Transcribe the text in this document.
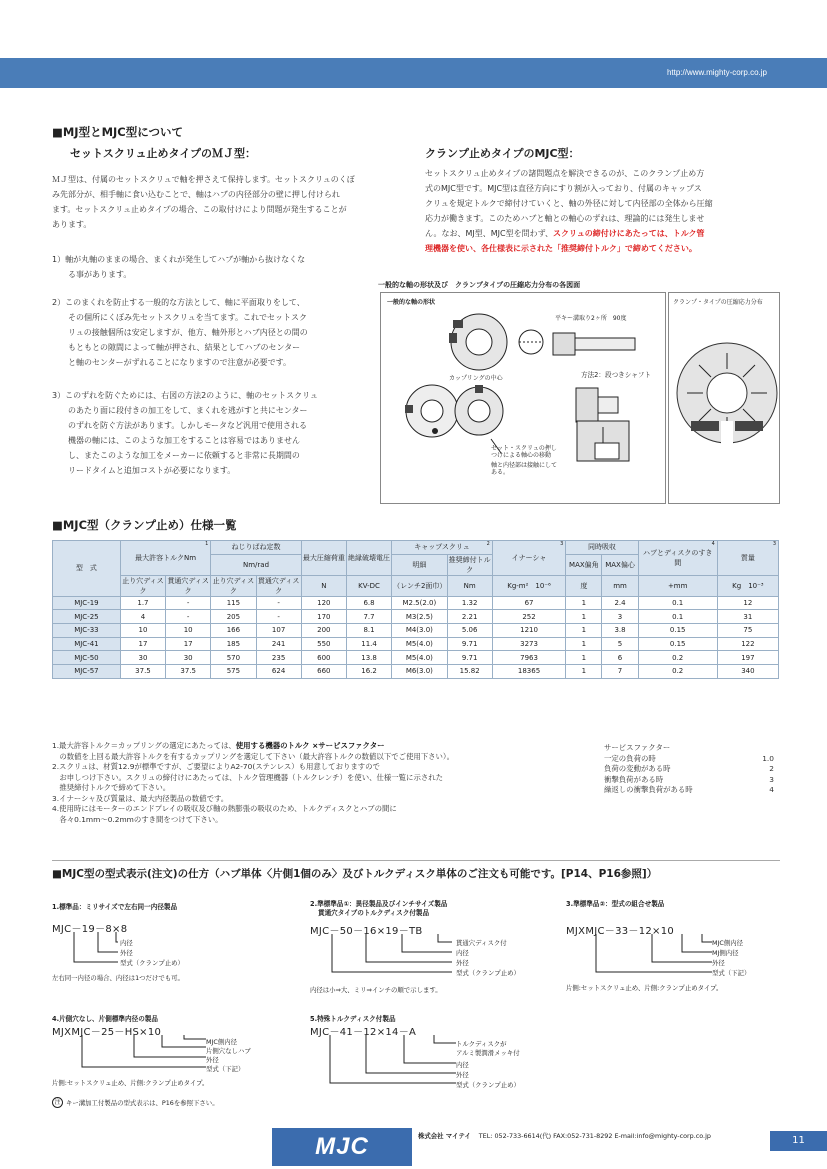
http://www.mighty-corp.co.jp
■MJ型とMJC型について
セットスクリュ止めタイプのＭＪ型：
ＭＪ型は、付属のセットスクリュで軸を押さえて保持します。セットスクリュのくぼ
み先部分が、相手軸に食い込むことで、軸はハブの内径部分の壁に押し付けられ
ます。セットスクリュ止めタイプの場合、この取付けにより問題が発生することが
あります。
1）軸が丸軸のままの場合、まくれが発生してハブが軸から抜けなくな
　　る事があります。
2）このまくれを防止する一般的な方法として、軸に平面取りをして、
　　その個所にくぼみ先セットスクリュを当てます。これでセットスク
　　リュの接触個所は安定しますが、他方、軸外形とハブ内径との間の
　　もともとの隙間によって軸が押され、結果としてハブのセンター
　　と軸のセンターがずれることになりますので注意が必要です。
3）このずれを防ぐためには、右図の方法2のように、軸のセットスクリュ
　　のあたり面に段付きの加工をして、まくれを逃がすと共にセンター
　　のずれを防ぐ方法があります。しかしモータなど汎用で使用される
　　機器の軸には、このような加工をすることは容易ではありません
　　し、またこのような加工をメーカーに依頼すると非常に長期間の
　　リードタイムと追加コストが必要になります。
クランプ止めタイプのMJC型：
セットスクリュ止めタイプの諸問題点を解決できるのが、このクランプ止め方
式のMJC型です。MJC型は直径方向にすり割が入っており、付属のキャップス
クリュを規定トルクで締付けていくと、軸の外径に対して内径部の全体から圧縮
応力が働きます。このためハブと軸との軸心のずれは、理論的には発生しませ
ん。なお、MJ型、MJC型を問わず、スクリュの締付けにあたっては、トルク管
理機器を使い、各仕様表に示された「推奨締付トルク」で締めてください。
一般的な軸の形状及び　クランプタイプの圧縮応力分布の各図面
一般的な軸の形状
平キー溝取り2ヶ所　90度
カップリングの中心	方法2：段つきシャフト
セット・スクリュの押し
つけによる軸心の移動
軸と内径部は接触にして
ある。
クランプ・タイプの圧縮応力分布
■MJC型（クランプ止め）仕様一覧
型　式	最大許容トルクNm
1		ねじりばね定数		最大圧縮荷重	絶縁破壊電圧	キャップスクリュ 2		イナーシャ
3	同時吸収		ハブとディスクのすき間
4	質量
3

			Nm/rad				明細	推奨締付トルク		MAX偏角	MAX偏心		
	止り穴ディスク	貫通穴ディスク	止り穴ディスク	貫通穴ディスク	N	KV-DC	（レンチ2面巾）	Nm	Kg-m²　10⁻⁶	度	mm	+mm	Kg　10⁻³
MJC-19	1.7	-	115	-	120	6.8	M2.5(2.0)	1.32	67	1	2.4	0.1	12
MJC-25	4	-	205	-	170	7.7	M3(2.5)	2.21	252	1	3	0.1	31
MJC-33	10	10	166	107	200	8.1	M4(3.0)	5.06	1210	1	3.8	0.15	75
MJC-41	17	17	185	241	550	11.4	M5(4.0)	9.71	3273	1	5	0.15	122
MJC-50	30	30	570	235	600	13.8	M5(4.0)	9.71	7963	1	6	0.2	197
MJC-57	37.5	37.5	575	624	660	16.2	M6(3.0)	15.82	18365	1	7	0.2	340
1.最大許容トルク＝カップリングの選定にあたっては、使用する機器のトルク ×サービスファクター
　の数値を上回る最大許容トルクを有するカップリングを選定して下さい（最大許容トルクの数値以下でご使用下さい）。
2.スクリュは、材質12.9が標準ですが、ご要望によりA2-70(ステンレス）も用意しておりますので
　お申しつけ下さい。スクリュの締付けにあたっては、トルク管理機器（トルクレンチ）を使い、仕様一覧に示された
　推奨締付トルクで締めて下さい。
3.イナーシャ及び質量は、最大内径製品の数値です。
4.使用時にはモーターのエンドプレイの吸収及び軸の熱膨張の吸収のため、トルクディスクとハブの間に
　各々0.1mm〜0.2mmのすき間をつけて下さい。
サービスファクター
一定の負荷の時	1.0
負荷の変動がある時	2
衝撃負荷がある時	3
繰返しの衝撃負荷がある時	4
■MJC型の型式表示(注文)の仕方（ハブ単体〈片側1個のみ〉及びトルクディスク単体のご注文も可能です。[P14、P16参照]）
1.標準品：ミリサイズで左右同一内径製品
MJC－19－8×8
内径
外径
型式（クランプ止め）
左右同一内径の場合、内径は1つだけでも可。
2.準標準品①：異径製品及びインチサイズ製品
貫通穴タイプのトルクディスク付製品
MJC－50－16×19－TB
貫通穴ディスク付
内径
外径
型式（クランプ止め）
内径は小⇒大、ミリ⇒インチの順で示します。
3.準標準品②：型式の組合せ製品
MJXMJC－33－12×10
MJC側内径
MJ側内径
外径
型式（下記）
片側:セットスクリュ止め、片側:クランプ止めタイプ。
4.片側穴なし、片側標準内径の製品
MJXMJC－25－HS×10
MJC側内径
片側穴なしハブ
外径
型式（下記）
片側:セットスクリュ止め、片側:クランプ止めタイプ。
5.特殊トルクディスク付製品
MJC－41－12×14－A
トルクディスクが
アルミ製潤滑メッキ付
内径
外径
型式（クランプ止め）
注 キー溝加工付製品の型式表示は、P16を参照下さい。
MJC	株式会社 マイテイ TEL: 052-733-6614(代) FAX:052-731-8292 E-mail:info@mighty-corp.co.jp	11
